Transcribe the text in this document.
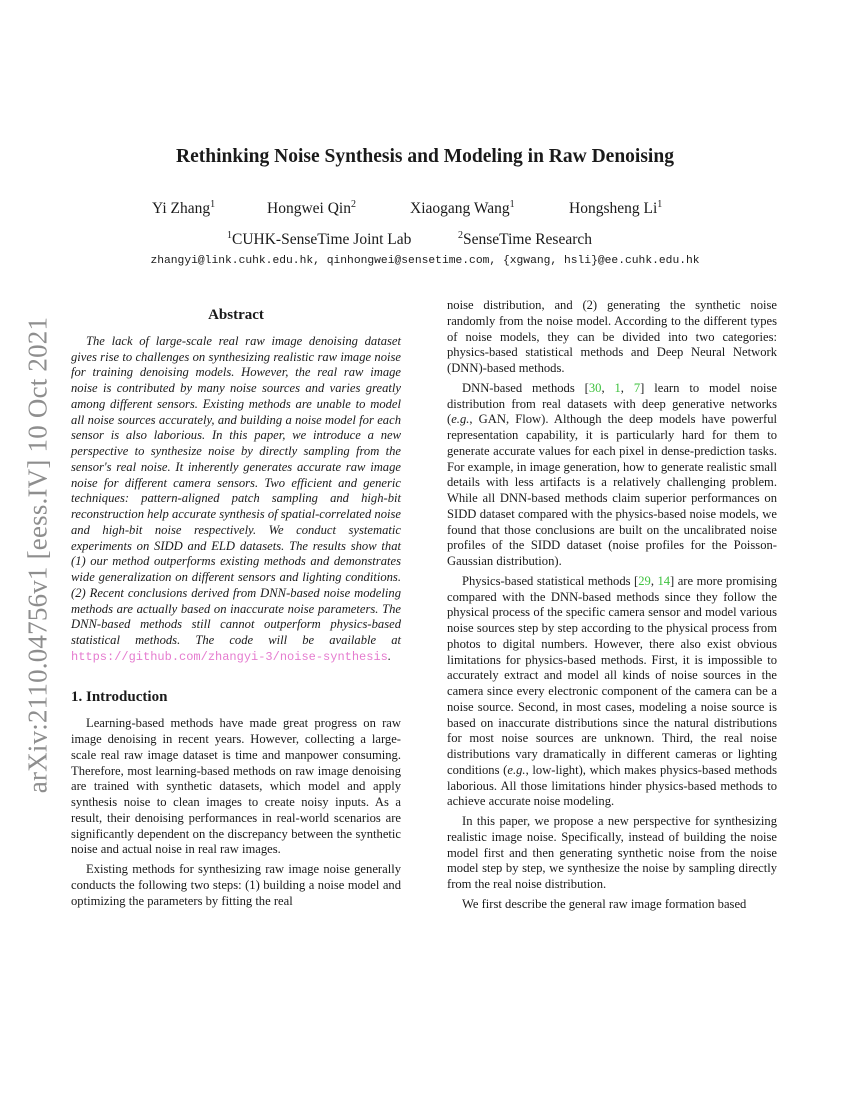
arXiv:2110.04756v1 [eess.IV] 10 Oct 2021
Rethinking Noise Synthesis and Modeling in Raw Denoising
Yi Zhang$^1$	Hongwei Qin$^2$	Xiaogang Wang$^1$	Hongsheng Li$^1$
$^1$CUHK-SenseTime Joint Lab	$^2$SenseTime Research
zhangyi@link.cuhk.edu.hk, qinhongwei@sensetime.com, {xgwang, hsli}@ee.cuhk.edu.hk

Abstract

The lack of large-scale real raw image denoising dataset gives rise to challenges on synthesizing realistic raw image noise for training denoising models. However, the real raw image noise is contributed by many noise sources and varies greatly among different sensors. Existing methods are unable to model all noise sources accurately, and building a noise model for each sensor is also laborious. In this paper, we introduce a new perspective to synthesize noise by directly sampling from the sensor's real noise. It inherently generates accurate raw image noise for different camera sensors. Two efficient and generic techniques: pattern-aligned patch sampling and high-bit reconstruction help accurate synthesis of spatial-correlated noise and high-bit noise respectively. We conduct systematic experiments on SIDD and ELD datasets. The results show that (1) our method outperforms existing methods and demonstrates wide generalization on different sensors and lighting conditions. (2) Recent conclusions derived from DNN-based noise modeling methods are actually based on inaccurate noise parameters. The DNN-based methods still cannot outperform physics-based statistical methods. The code will be available at https://github.com/zhangyi-3/noise-synthesis.

1. Introduction

Learning-based methods have made great progress on raw image denoising in recent years. However, collecting a large-scale real raw image dataset is time and manpower consuming. Therefore, most learning-based methods on raw image denoising are trained with synthetic datasets, which model and apply synthesis noise to clean images to create noisy inputs. As a result, their denoising performances in real-world scenarios are significantly dependent on the discrepancy between the synthetic noise and actual noise in real raw images.

Existing methods for synthesizing raw image noise generally conducts the following two steps: (1) building a noise model and optimizing the parameters by fitting the real

noise distribution, and (2) generating the synthetic noise randomly from the noise model. According to the different types of noise models, they can be divided into two categories: physics-based statistical methods and Deep Neural Network (DNN)-based methods.

DNN-based methods [30, 1, 7] learn to model noise distribution from real datasets with deep generative networks (e.g., GAN, Flow). Although the deep models have powerful representation capability, it is particularly hard for them to generate accurate values for each pixel in dense-prediction tasks. For example, in image generation, how to generate realistic small details with less artifacts is a relatively challenging problem. While all DNN-based methods claim superior performances on SIDD dataset compared with the physics-based noise models, we found that those conclusions are built on the uncalibrated noise profiles of the SIDD dataset (noise profiles for the Poisson-Gaussian distribution).

Physics-based statistical methods [29, 14] are more promising compared with the DNN-based methods since they follow the physical process of the specific camera sensor and model various noise sources step by step according to the physical process from photos to digital numbers. However, there also exist obvious limitations for physics-based methods. First, it is impossible to accurately extract and model all kinds of noise sources in the camera since every electronic component of the camera can be a noise source. Second, in most cases, modeling a noise source is based on inaccurate distributions since the natural distributions for most noise sources are unknown. Third, the real noise distributions vary dramatically in different cameras or lighting conditions (e.g., low-light), which makes physics-based methods laborious. All those limitations hinder physics-based methods to achieve accurate noise modeling.

In this paper, we propose a new perspective for synthesizing realistic image noise. Specifically, instead of building the noise model first and then generating synthetic noise from the noise model step by step, we synthesize the noise by sampling directly from the real noise distribution.

We first describe the general raw image formation based
